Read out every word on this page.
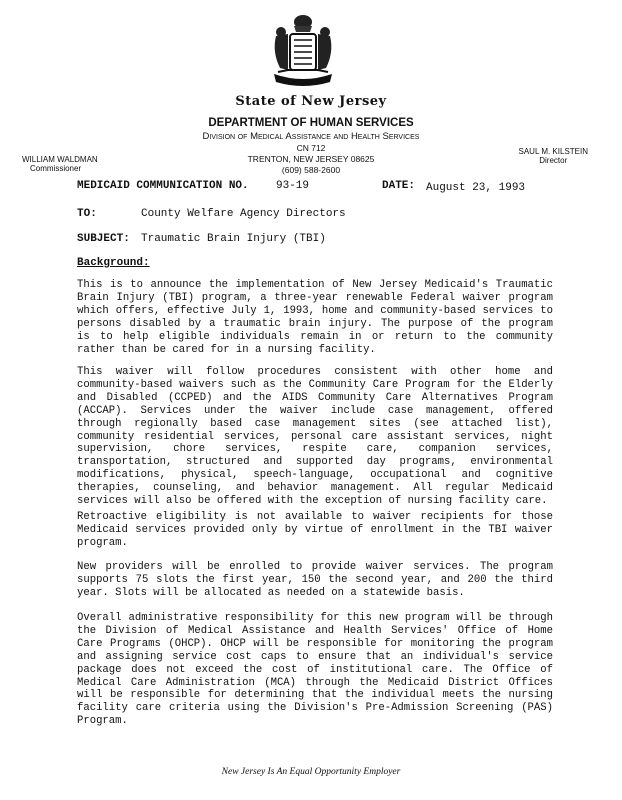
State of New Jersey
DEPARTMENT OF HUMAN SERVICES
Division of Medical Assistance and Health Services
CN 712
TRENTON, NEW JERSEY 08625
(609) 588-2600
WILLIAM WALDMAN
Commissioner
SAUL M. KILSTEIN
Director
MEDICAID COMMUNICATION NO. 93-19	DATE: August 23, 1993
TO:	County Welfare Agency Directors
SUBJECT: Traumatic Brain Injury (TBI)
Background:
This is to announce the implementation of New Jersey Medicaid's Traumatic Brain Injury (TBI) program, a three-year renewable Federal waiver program which offers, effective July 1, 1993, home and community-based services to persons disabled by a traumatic brain injury. The purpose of the program is to help eligible individuals remain in or return to the community rather than be cared for in a nursing facility.
This waiver will follow procedures consistent with other home and community-based waivers such as the Community Care Program for the Elderly and Disabled (CCPED) and the AIDS Community Care Alternatives Program (ACCAP). Services under the waiver include case management, offered through regionally based case management sites (see attached list), community residential services, personal care assistant services, night supervision, chore services, respite care, companion services, transportation, structured and supported day programs, environmental modifications, physical, speech-language, occupational and cognitive therapies, counseling, and behavior management. All regular Medicaid services will also be offered with the exception of nursing facility care.
Retroactive eligibility is not available to waiver recipients for those Medicaid services provided only by virtue of enrollment in the TBI waiver program.
New providers will be enrolled to provide waiver services. The program supports 75 slots the first year, 150 the second year, and 200 the third year. Slots will be allocated as needed on a statewide basis.
Overall administrative responsibility for this new program will be through the Division of Medical Assistance and Health Services' Office of Home Care Programs (OHCP). OHCP will be responsible for monitoring the program and assigning service cost caps to ensure that an individual's service package does not exceed the cost of institutional care. The Office of Medical Care Administration (MCA) through the Medicaid District Offices will be responsible for determining that the individual meets the nursing facility care criteria using the Division's Pre-Admission Screening (PAS) Program.
New Jersey Is An Equal Opportunity Employer
